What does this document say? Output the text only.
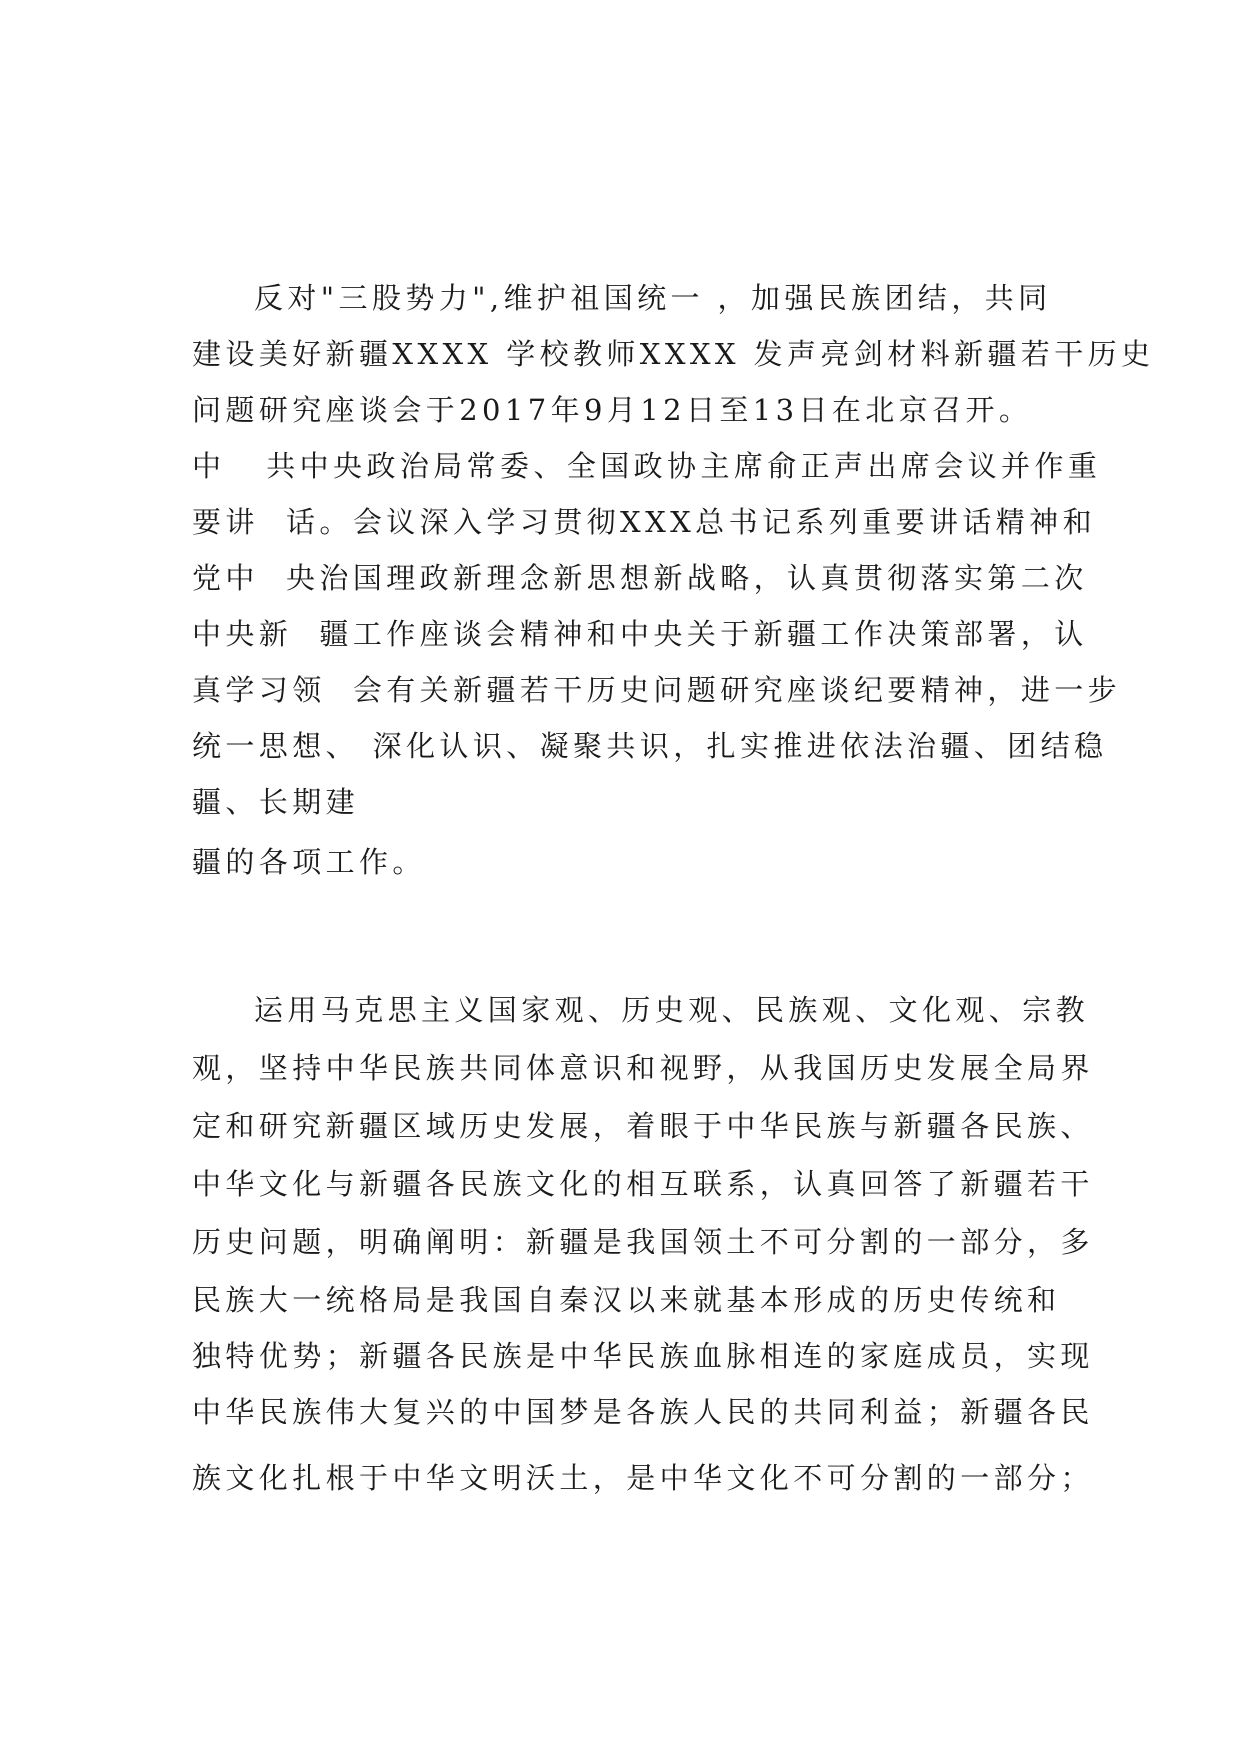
反对"三股势力",维护祖国统一 ，加强民族团结，共同

建设美好新疆XXXX 学校教师XXXX 发声亮剑材料新疆若干历史

问题研究座谈会于2017年9月12日至13日在北京召开。

中   共中央政治局常委、全国政协主席俞正声出席会议并作重

要讲  话。会议深入学习贯彻XXX总书记系列重要讲话精神和

党中  央治国理政新理念新思想新战略，认真贯彻落实第二次

中央新  疆工作座谈会精神和中央关于新疆工作决策部署，认

真学习领  会有关新疆若干历史问题研究座谈纪要精神，进一步

统一思想、 深化认识、凝聚共识，扎实推进依法治疆、团结稳

疆、长期建

疆的各项工作。

运用马克思主义国家观、历史观、民族观、文化观、宗教

观，坚持中华民族共同体意识和视野，从我国历史发展全局界

定和研究新疆区域历史发展，着眼于中华民族与新疆各民族、

中华文化与新疆各民族文化的相互联系，认真回答了新疆若干

历史问题，明确阐明：新疆是我国领土不可分割的一部分，多

民族大一统格局是我国自秦汉以来就基本形成的历史传统和

独特优势；新疆各民族是中华民族血脉相连的家庭成员，实现

中华民族伟大复兴的中国梦是各族人民的共同利益；新疆各民

族文化扎根于中华文明沃土，是中华文化不可分割的一部分；
